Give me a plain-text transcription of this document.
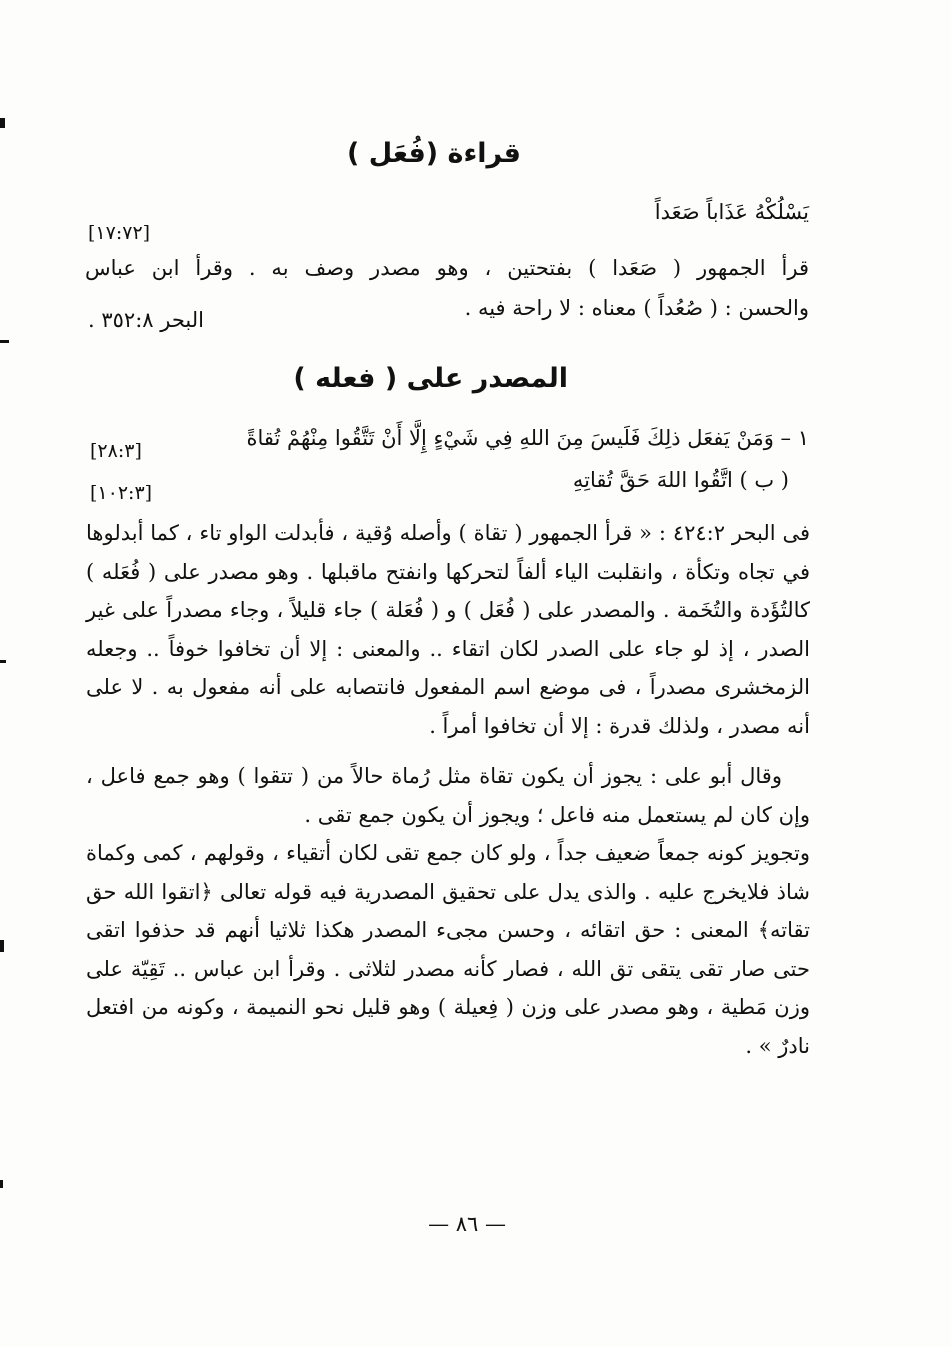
قراءة (فُعَل )
يَسْلُكْهُ عَذَاباً صَعَداً
[١٧:٧٢]
قرأ الجمهور ( صَعَدا ) بفتحتين ، وهو مصدر وصف به . وقرأ ابن عباس
والحسن : ( صُعُداً ) معناه : لا راحة فيه .
البحر ٣٥٢:٨ .
المصدر على ( فعله )
١ – وَمَنْ يَفعَل ذلِكَ فَلَيسَ مِنَ اللهِ فِي شَيْءٍ إِلَّا أَنْ تَتَّقُوا مِنْهُمْ تُقاةً
[٢٨:٣]
( ب ) اتَّقُوا اللهَ حَقَّ تُقاتِهِ
[١٠٢:٣]

فى البحر ٤٢٤:٢ : « قرأ الجمهور ( تقاة ) وأصله وُقية ، فأبدلت الواو تاء ، كما أبدلوها في تجاه وتكأة ، وانقلبت الياء ألفاً لتحركها وانفتح ماقبلها . وهو مصدر على ( فُعَله ) كالتُؤَدة والتُخَمة . والمصدر على ( فُعَل ) و ( فُعَلة ) جاء قليلاً ، وجاء مصدراً على غير الصدر ، إذ لو جاء على الصدر لكان اتقاء .. والمعنى : إلا أن تخافوا خوفاً .. وجعله الزمخشرى مصدراً ، فى موضع اسم المفعول فانتصابه على أنه مفعول به . لا على أنه مصدر ، ولذلك قدرة : إلا أن تخافوا أمراً .

وقال أبو على : يجوز أن يكون تقاة مثل رُماة حالاً من ( تتقوا ) وهو جمع فاعل ، وإن كان لم يستعمل منه فاعل ؛ ويجوز أن يكون جمع تقى .

وتجويز كونه جمعاً ضعيف جداً ، ولو كان جمع تقى لكان أتقياء ، وقولهم ، كمى وكماة شاذ فلايخرج عليه . والذى يدل على تحقيق المصدرية فيه قوله تعالى ﴿اتقوا الله حق تقاته﴾ المعنى : حق اتقائه ، وحسن مجىء المصدر هكذا ثلاثيا أنهم قد حذفوا اتقى حتى صار تقى يتقى تق الله ، فصار كأنه مصدر لثلاثى . وقرأ ابن عباس .. تَقِيّة على وزن مَطية ، وهو مصدر على وزن ( فِعيلة ) وهو قليل نحو النميمة ، وكونه من افتعل نادرٌ » .

— ٨٦ —
